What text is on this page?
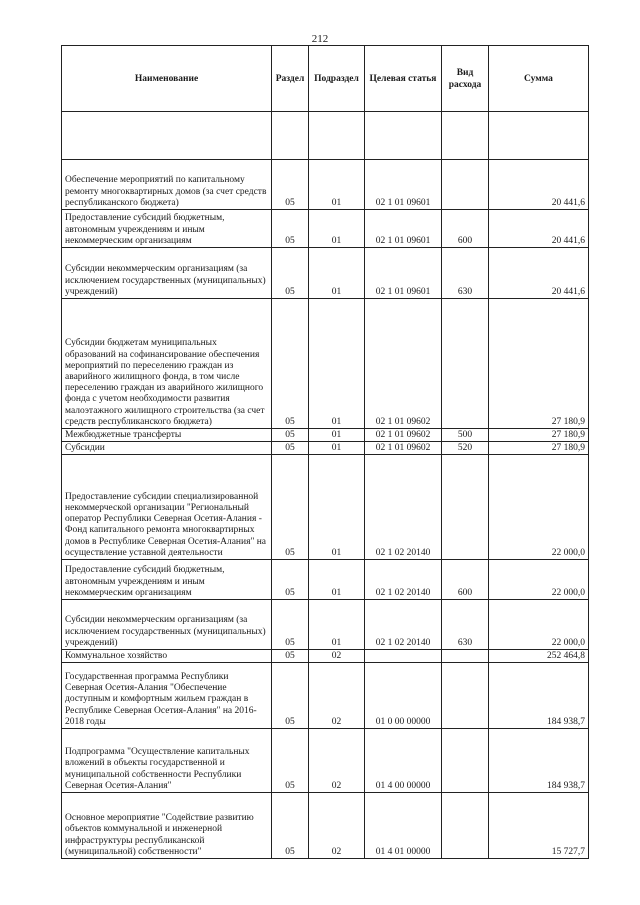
212
Наименование	Раздел	Подраздел	Целевая статья	Вид расхода	Сумма

Обеспечение мероприятий по капитальному ремонту многоквартирных домов (за счет средств республиканского бюджета)	05	01	02 1 01 09601		20 441,6
Предоставление субсидий бюджетным, автономным учреждениям и иным некоммерческим организациям	05	01	02 1 01 09601	600	20 441,6
Субсидии некоммерческим организациям (за исключением государственных (муниципальных) учреждений)	05	01	02 1 01 09601	630	20 441,6
Субсидии бюджетам муниципальных образований на софинансирование обеспечения мероприятий по переселению граждан из аварийного жилищного фонда, в том числе переселению граждан из аварийного жилищного фонда с учетом необходимости развития малоэтажного жилищного строительства (за счет средств республиканского бюджета)	05	01	02 1 01 09602		27 180,9
Межбюджетные трансферты	05	01	02 1 01 09602	500	27 180,9
Субсидии	05	01	02 1 01 09602	520	27 180,9
Предоставление субсидии специализированной некоммерческой организации "Региональный оператор Республики Северная Осетия-Алания - Фонд капитального ремонта многоквартирных домов в Республике Северная Осетия-Алания" на осуществление уставной деятельности	05	01	02 1 02 20140		22 000,0
Предоставление субсидий бюджетным, автономным учреждениям и иным некоммерческим организациям	05	01	02 1 02 20140	600	22 000,0
Субсидии некоммерческим организациям (за исключением государственных (муниципальных) учреждений)	05	01	02 1 02 20140	630	22 000,0
Коммунальное хозяйство	05	02			252 464,8
Государственная программа Республики Северная Осетия-Алания "Обеспечение доступным и комфортным жильем граждан в Республике Северная Осетия-Алания" на 2016-2018 годы	05	02	01 0 00 00000		184 938,7
Подпрограмма "Осуществление капитальных вложений в объекты государственной и муниципальной собственности Республики Северная Осетия-Алания"	05	02	01 4 00 00000		184 938,7
Основное мероприятие "Содействие развитию объектов коммунальной и инженерной инфраструктуры республиканской (муниципальной) собственности"	05	02	01 4 01 00000		15 727,7
